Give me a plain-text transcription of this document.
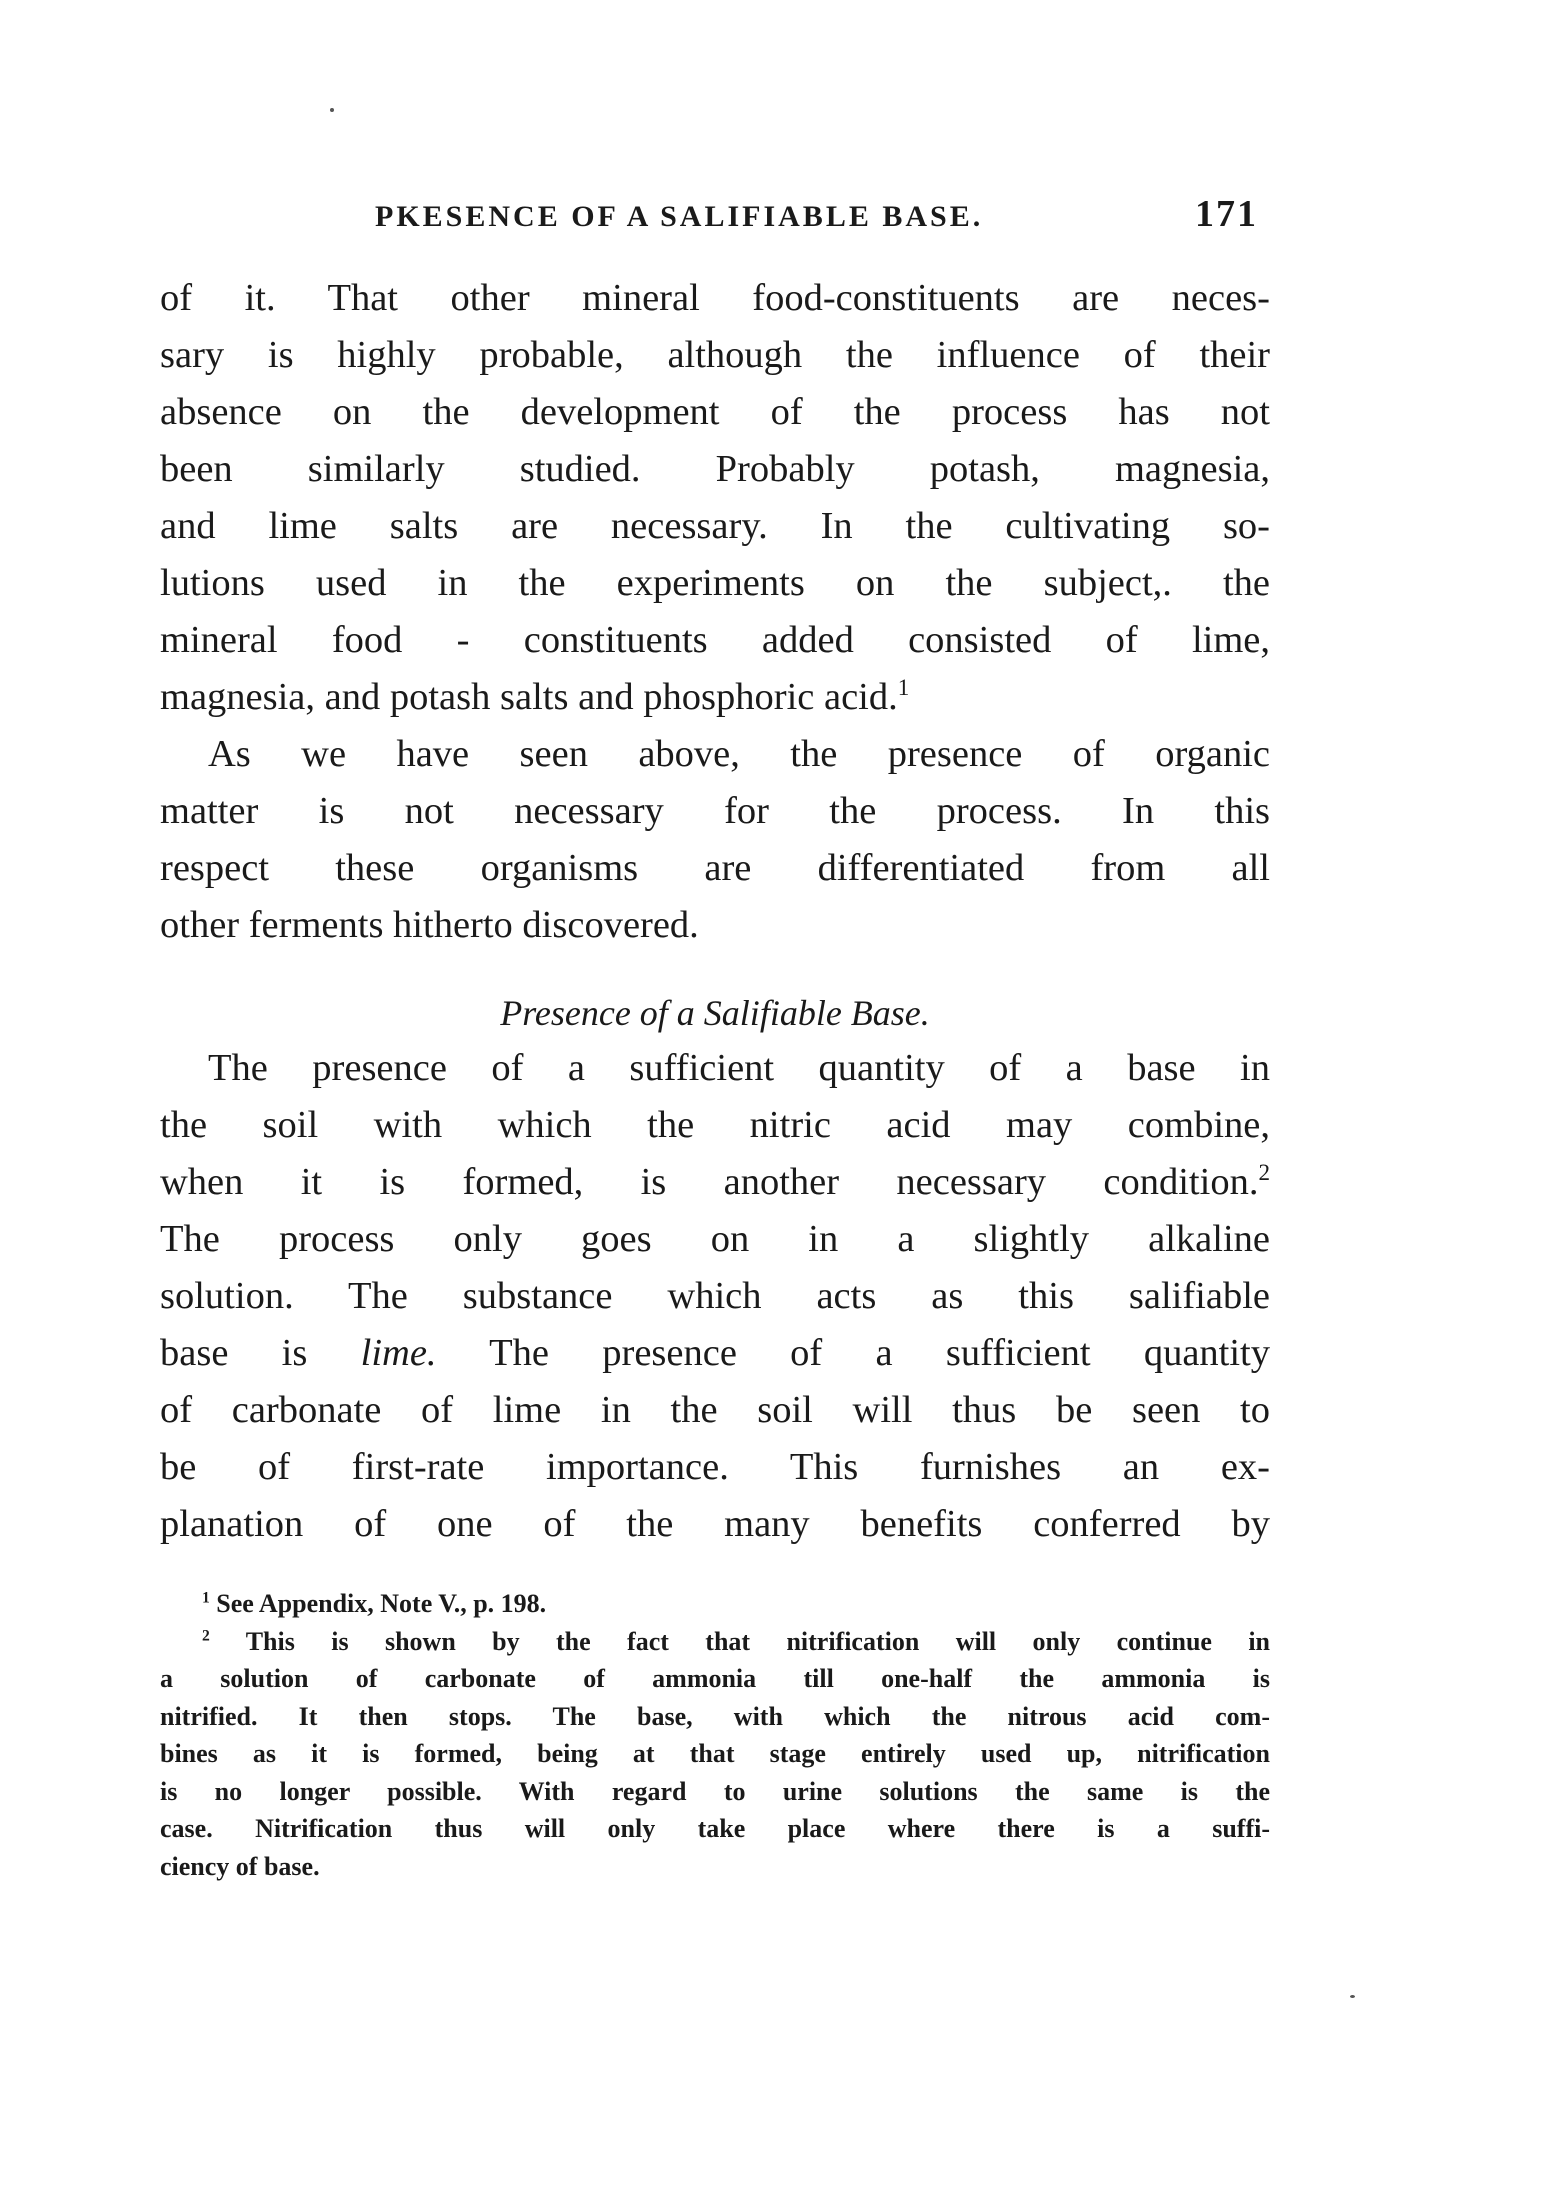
PKESENCE OF A SALIFIABLE BASE.	171
of it. That other mineral food-constituents are neces-
sary is highly probable, although the influence of their
absence on the development of the process has not
been similarly studied. Probably potash, magnesia,
and lime salts are necessary. In the cultivating so-
lutions used in the experiments on the subject,. the
mineral food - constituents added consisted of lime,
magnesia, and potash salts and phosphoric acid.$^1$
As we have seen above, the presence of organic
matter is not necessary for the process. In this
respect these organisms are differentiated from all
other ferments hitherto discovered.
Presence of a Salifiable Base.
The presence of a sufficient quantity of a base in
the soil with which the nitric acid may combine,
when it is formed, is another necessary condition.$^2$
The process only goes on in a slightly alkaline
solution. The substance which acts as this salifiable
base is lime. The presence of a sufficient quantity
of carbonate of lime in the soil will thus be seen to
be of first-rate importance. This furnishes an ex-
planation of one of the many benefits conferred by
$^1$ See Appendix, Note V., p. 198.
$^2$ This is shown by the fact that nitrification will only continue in
a solution of carbonate of ammonia till one-half the ammonia is
nitrified. It then stops. The base, with which the nitrous acid com-
bines as it is formed, being at that stage entirely used up, nitrification
is no longer possible. With regard to urine solutions the same is the
case. Nitrification thus will only take place where there is a suffi-
ciency of base.
